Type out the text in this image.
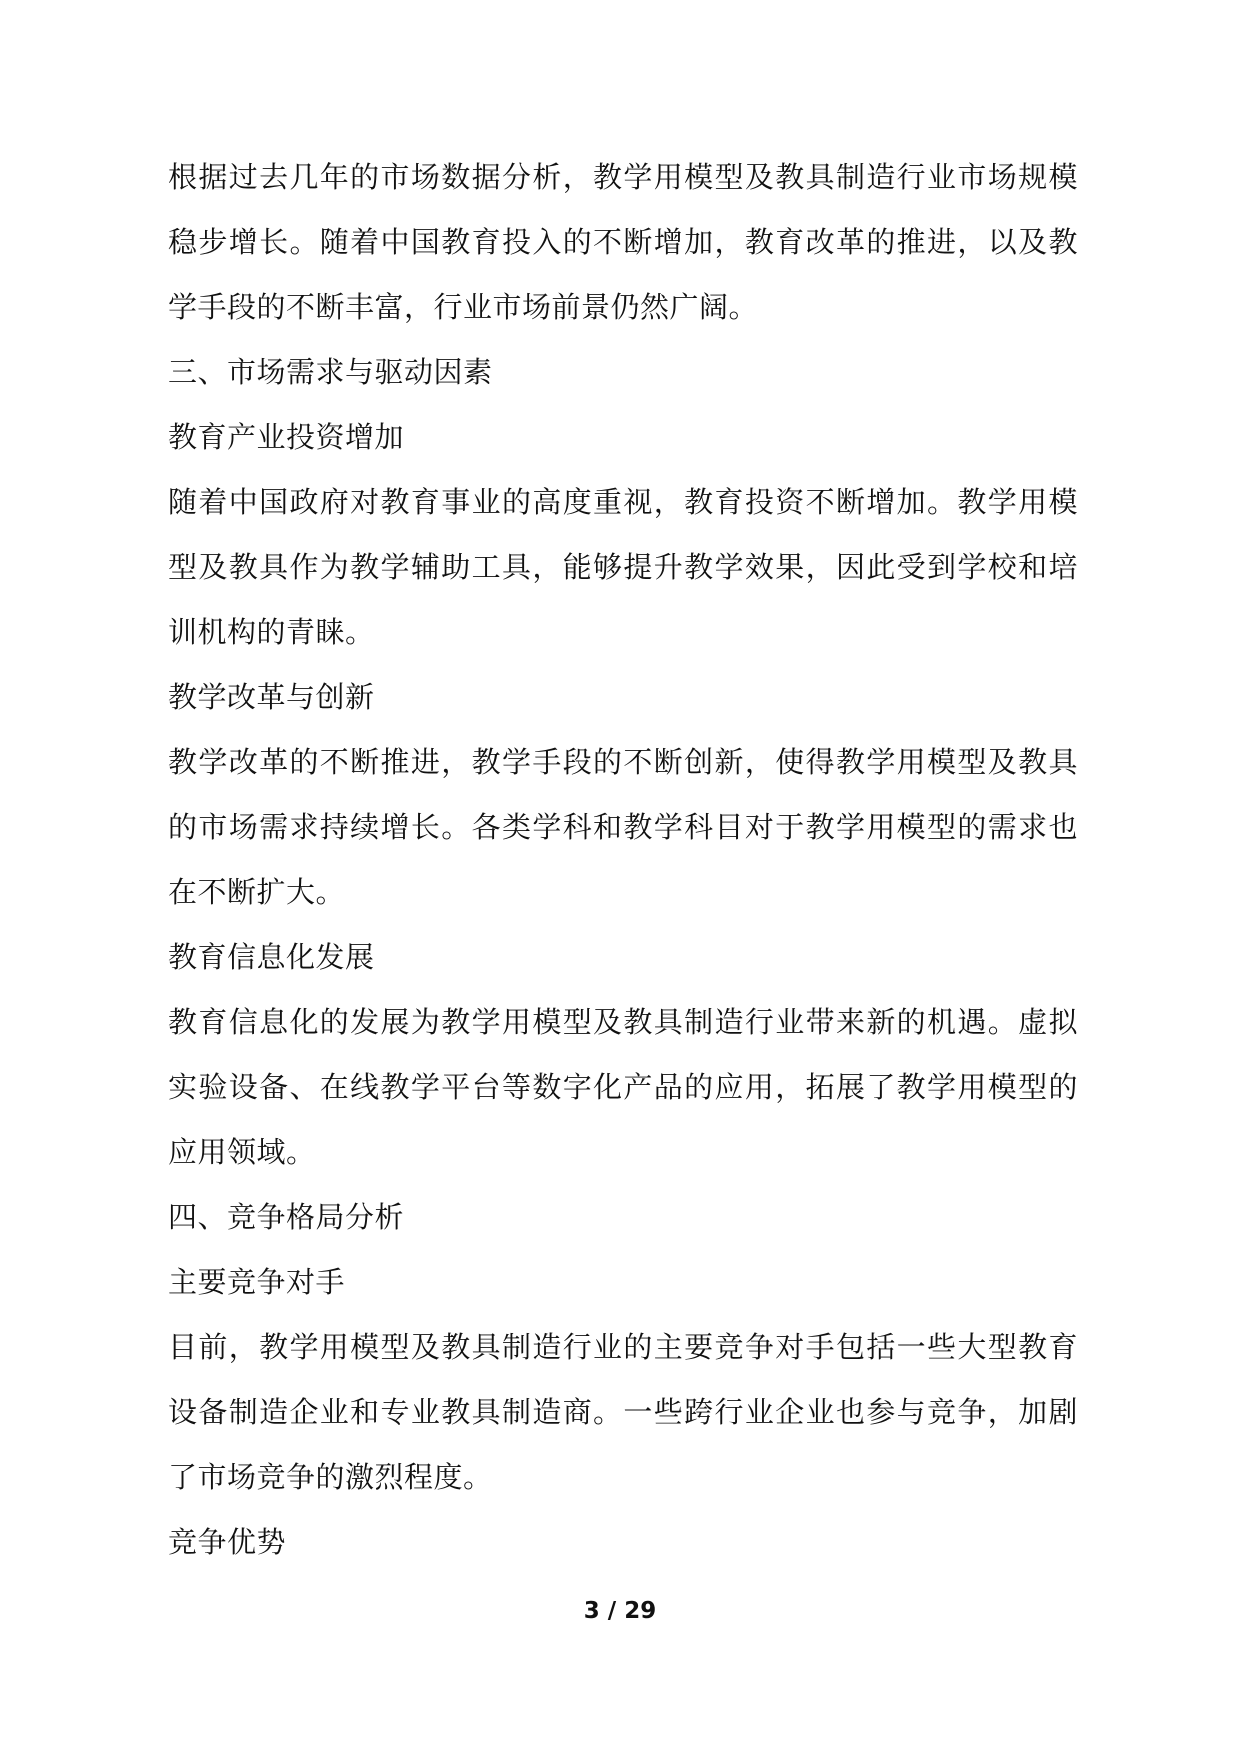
根据过去几年的市场数据分析，教学用模型及教具制造行业市场规模稳步增长。随着中国教育投入的不断增加，教育改革的推进，以及教学手段的不断丰富，行业市场前景仍然广阔。

三、市场需求与驱动因素

教育产业投资增加

随着中国政府对教育事业的高度重视，教育投资不断增加。教学用模型及教具作为教学辅助工具，能够提升教学效果，因此受到学校和培训机构的青睐。

教学改革与创新

教学改革的不断推进，教学手段的不断创新，使得教学用模型及教具的市场需求持续增长。各类学科和教学科目对于教学用模型的需求也在不断扩大。

教育信息化发展

教育信息化的发展为教学用模型及教具制造行业带来新的机遇。虚拟实验设备、在线教学平台等数字化产品的应用，拓展了教学用模型的应用领域。

四、竞争格局分析

主要竞争对手

目前，教学用模型及教具制造行业的主要竞争对手包括一些大型教育设备制造企业和专业教具制造商。一些跨行业企业也参与竞争，加剧了市场竞争的激烈程度。

竞争优势

3 / 29
